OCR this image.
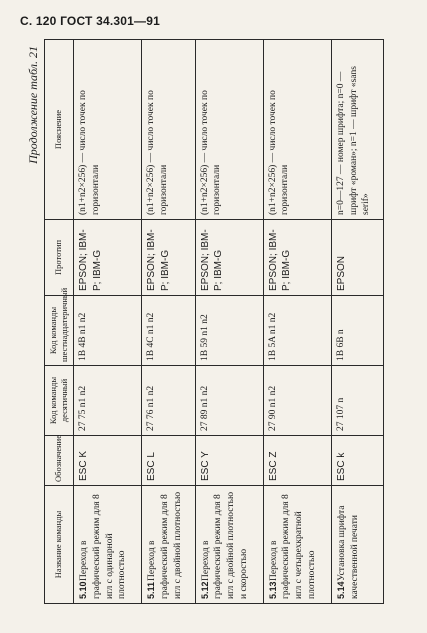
С. 120 ГОСТ 34.301—91
Продолжение табл. 21
Название команды	Обозначение	Код команды десятичный	Код команды шестнадцатеричный	Прототип	Пояснение
5.10Переход в графический режим для 8 игл с одинарной плотностью	ESC K	27 75 n1 n2	1B 4B n1 n2	EPSON; IBM-P; IBM-G	(n1+n2×256) — число точек по горизонтали
5.11Переход в графический режим для 8 игл с двойной плотностью	ESC L	27 76 n1 n2	1B 4C n1 n2	EPSON; IBM-P; IBM-G	(n1+n2×256) — число точек по горизонтали
5.12Переход в графический режим для 8 игл с двойной плотностью и скоростью	ESC Y	27 89 n1 n2	1B 59 n1 n2	EPSON; IBM-P; IBM-G	(n1+n2×256) — число точек по горизонтали
5.13Переход в графический режим для 8 игл с четырехкратной плотностью	ESC Z	27 90 n1 n2	1B 5A n1 n2	EPSON; IBM-P; IBM-G	(n1+n2×256) — число точек по горизонтали
5.14Установка шрифта качественной печати	ESC k	27 107 n	1B 6B n	EPSON	n=0—127 — номер шрифта; n=0 — шрифт «роман»; n=1 — шрифт «sans serif»
